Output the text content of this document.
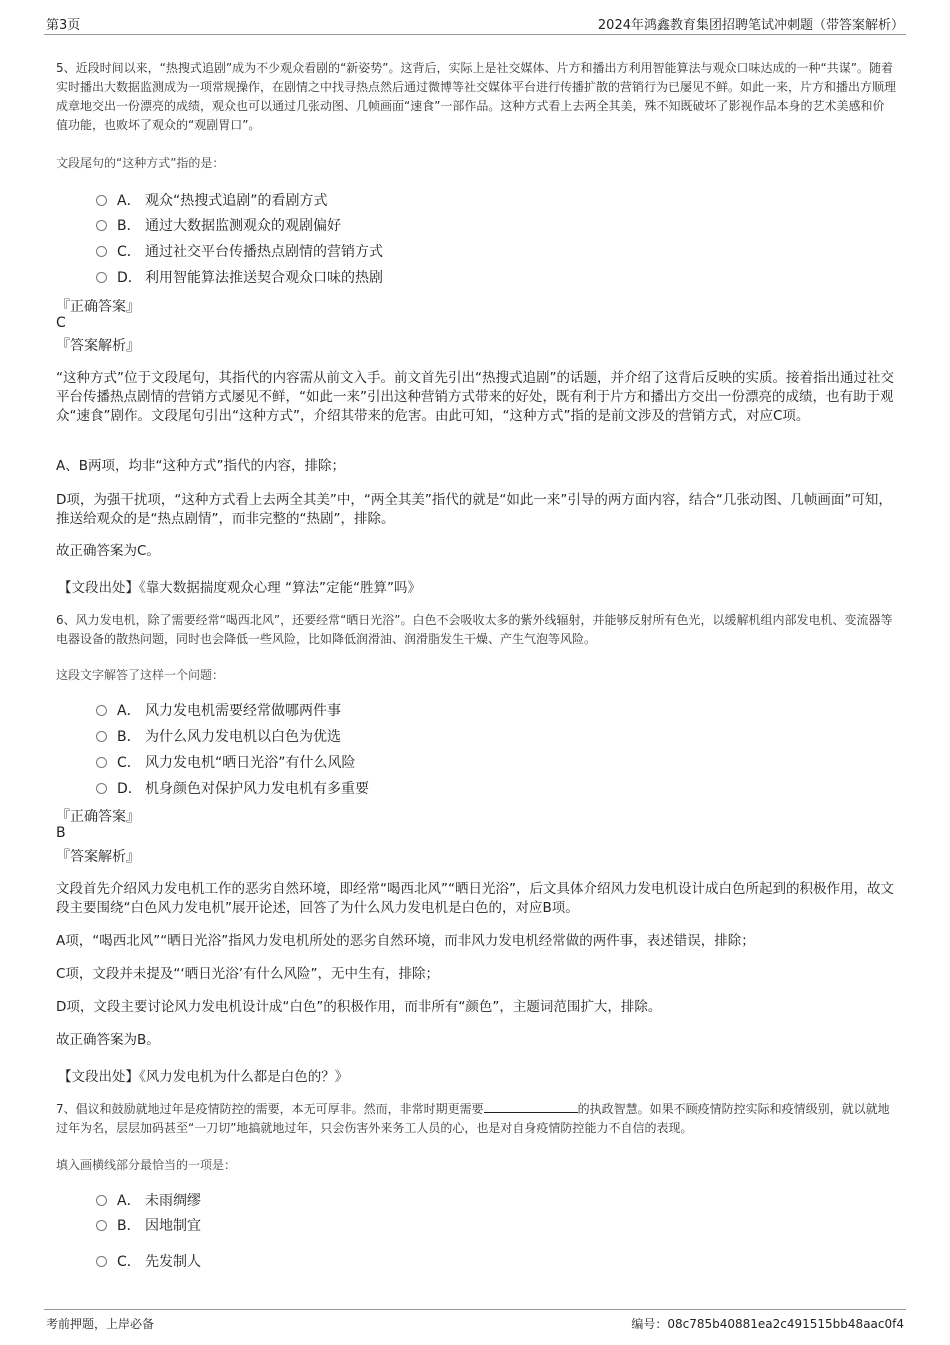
第3页	2024年鸿鑫教育集团招聘笔试冲刺题（带答案解析）
5、近段时间以来，“热搜式追剧”成为不少观众看剧的“新姿势”。这背后，实际上是社交媒体、片方和播出方利用智能算法与观众口味达成的一种“共谋”。随着实时播出大数据监测成为一项常规操作，在剧情之中找寻热点然后通过微博等社交媒体平台进行传播扩散的营销行为已屡见不鲜。如此一来，片方和播出方顺理成章地交出一份漂亮的成绩，观众也可以通过几张动图、几帧画面“速食”一部作品。这种方式看上去两全其美，殊不知既破坏了影视作品本身的艺术美感和价值功能，也败坏了观众的“观剧胃口”。
文段尾句的“这种方式”指的是：
A． 观众“热搜式追剧”的看剧方式
B． 通过大数据监测观众的观剧偏好
C． 通过社交平台传播热点剧情的营销方式
D． 利用智能算法推送契合观众口味的热剧
『正确答案』
C
『答案解析』
“这种方式”位于文段尾句，其指代的内容需从前文入手。前文首先引出“热搜式追剧”的话题，并介绍了这背后反映的实质。接着指出通过社交平台传播热点剧情的营销方式屡见不鲜，“如此一来”引出这种营销方式带来的好处，既有利于片方和播出方交出一份漂亮的成绩，也有助于观众“速食”剧作。文段尾句引出“这种方式”，介绍其带来的危害。由此可知，“这种方式”指的是前文涉及的营销方式，对应C项。
A、B两项，均非“这种方式”指代的内容，排除；
D项，为强干扰项，“这种方式看上去两全其美”中，“两全其美”指代的就是“如此一来”引导的两方面内容，结合“几张动图、几帧画面”可知，推送给观众的是“热点剧情”，而非完整的“热剧”，排除。
故正确答案为C。
【文段出处】《靠大数据揣度观众心理 “算法”定能“胜算”吗》
6、风力发电机，除了需要经常“喝西北风”，还要经常“晒日光浴”。白色不会吸收太多的紫外线辐射，并能够反射所有色光，以缓解机组内部发电机、变流器等电器设备的散热问题，同时也会降低一些风险，比如降低润滑油、润滑脂发生干燥、产生气泡等风险。
这段文字解答了这样一个问题：
A． 风力发电机需要经常做哪两件事
B． 为什么风力发电机以白色为优选
C． 风力发电机“晒日光浴”有什么风险
D． 机身颜色对保护风力发电机有多重要
『正确答案』
B
『答案解析』
文段首先介绍风力发电机工作的恶劣自然环境，即经常“喝西北风”“晒日光浴”，后文具体介绍风力发电机设计成白色所起到的积极作用，故文段主要围绕“白色风力发电机”展开论述，回答了为什么风力发电机是白色的，对应B项。
A项，“喝西北风”“晒日光浴”指风力发电机所处的恶劣自然环境，而非风力发电机经常做的两件事，表述错误，排除；
C项，文段并未提及“‘晒日光浴’有什么风险”，无中生有，排除；
D项，文段主要讨论风力发电机设计成“白色”的积极作用，而非所有“颜色”，主题词范围扩大，排除。
故正确答案为B。
【文段出处】《风力发电机为什么都是白色的？》
7、倡议和鼓励就地过年是疫情防控的需要，本无可厚非。然而，非常时期更需要	的执政智慧。如果不顾疫情防控实际和疫情级别，就以就地过年为名，层层加码甚至“一刀切”地搞就地过年，只会伤害外来务工人员的心，也是对自身疫情防控能力不自信的表现。
填入画横线部分最恰当的一项是：
A． 未雨绸缪
B． 因地制宜
C． 先发制人
考前押题，上岸必备	编号：08c785b40881ea2c491515bb48aac0f4
